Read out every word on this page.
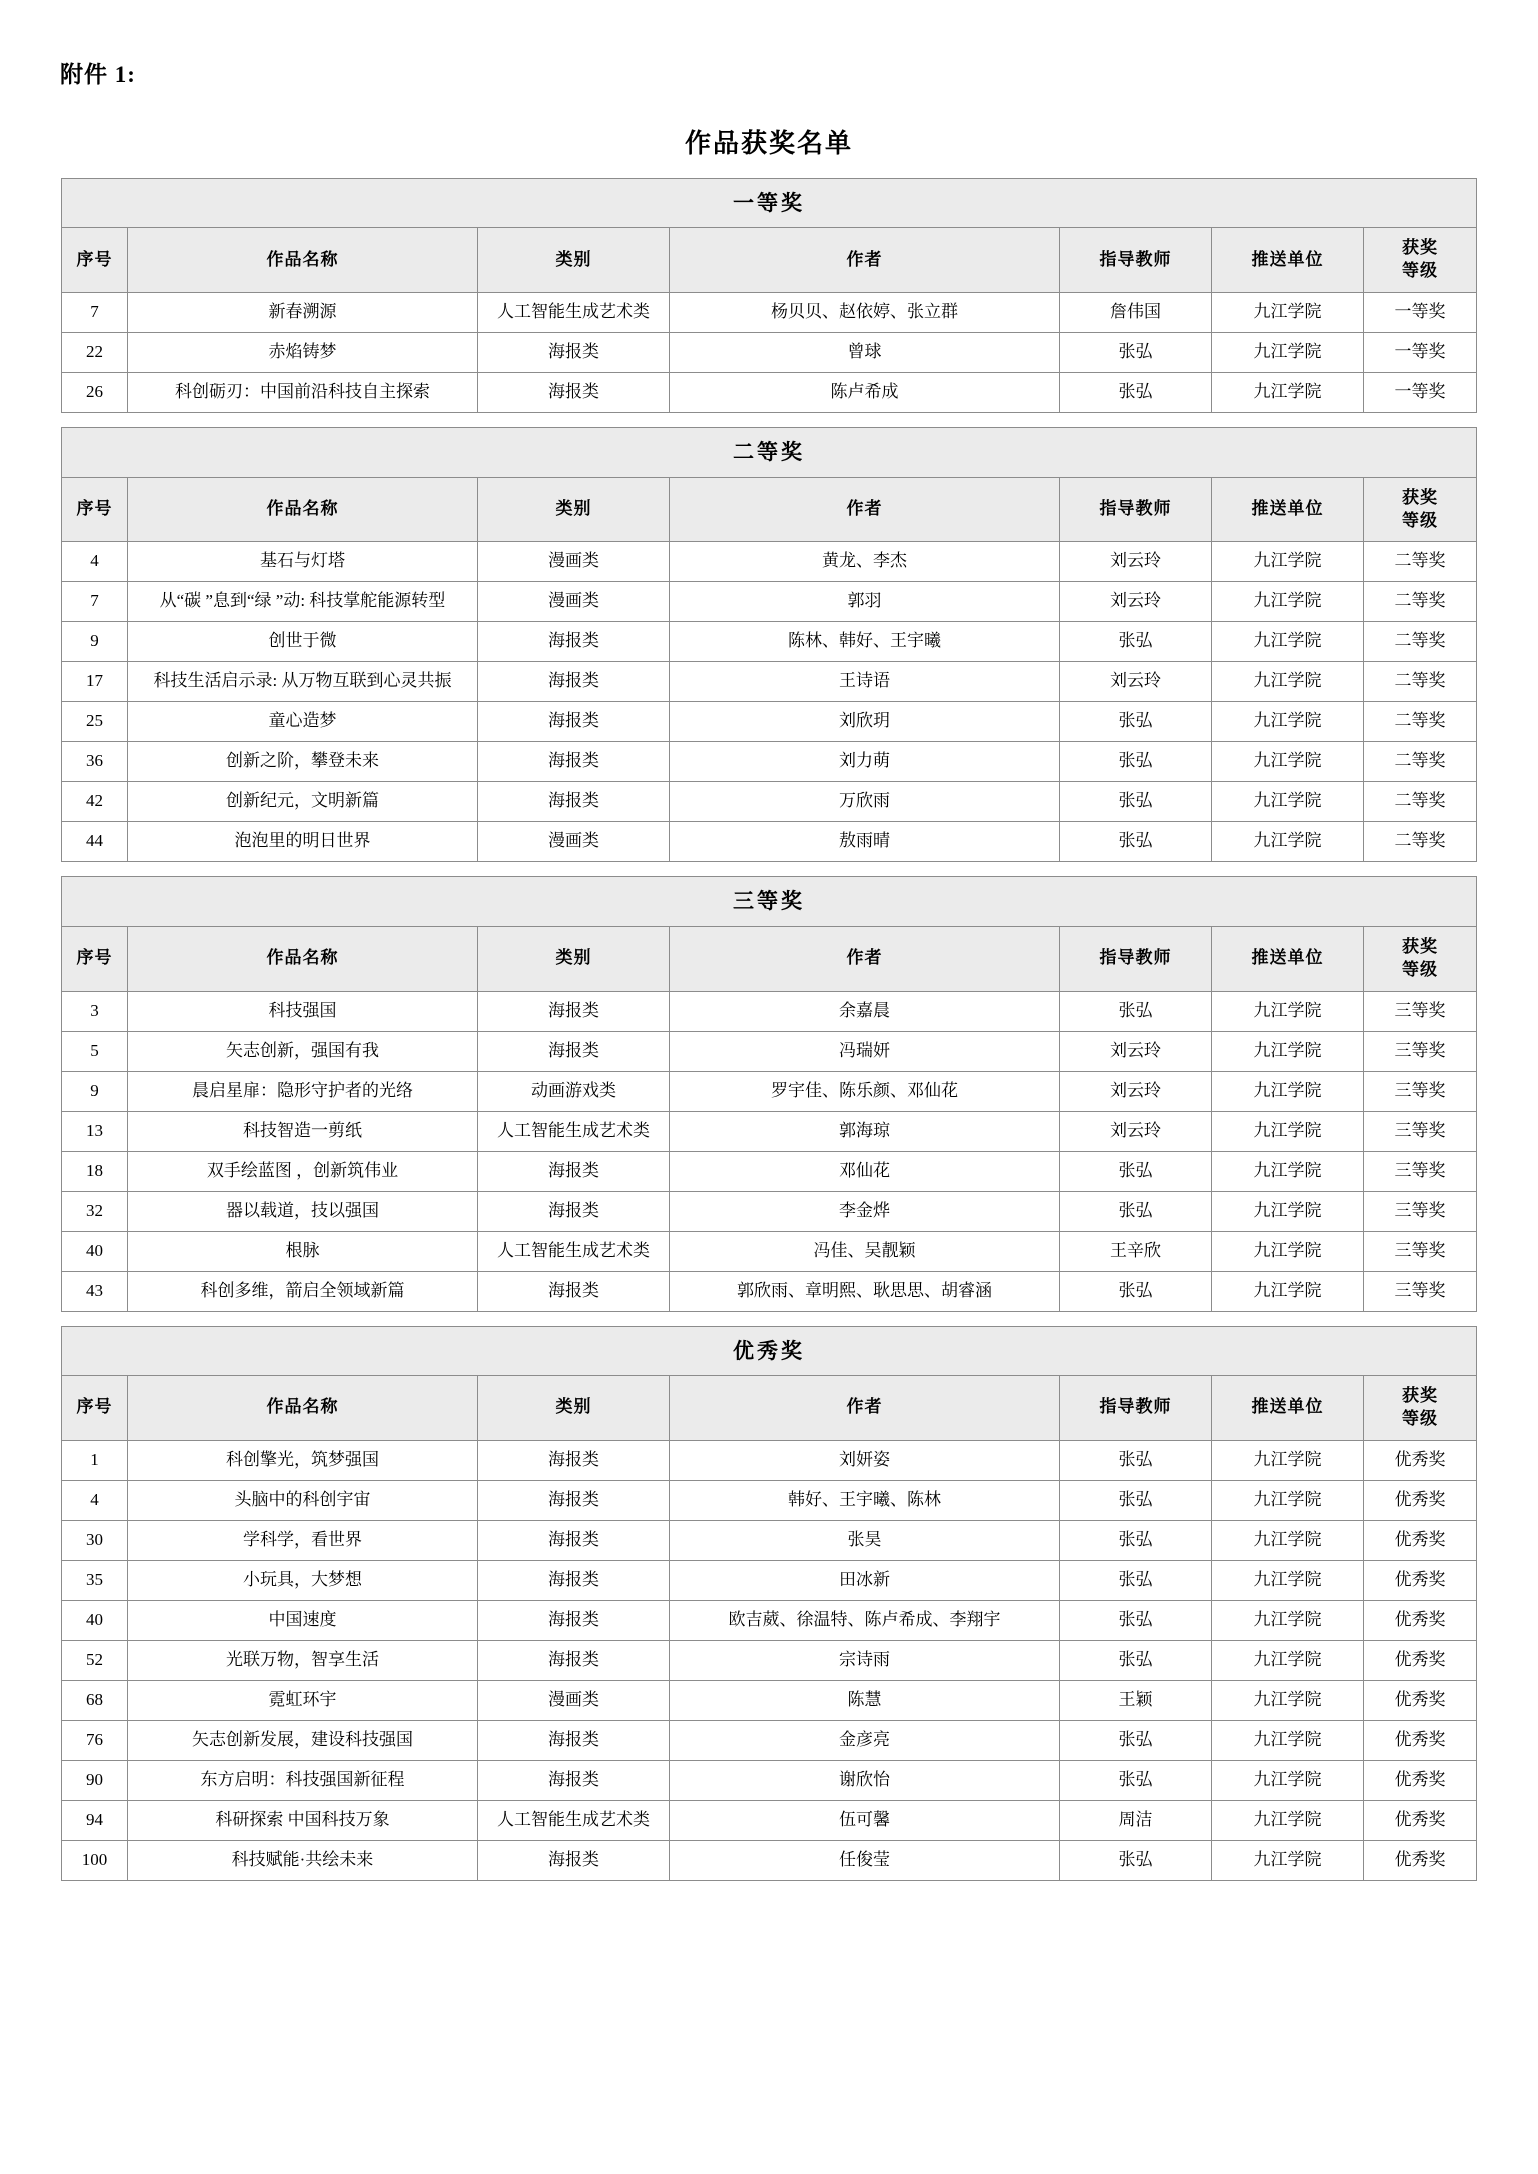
附件 1:
作品获奖名单
一等奖						
序号	作品名称	类别	作者	指导教师	推送单位	获奖
等级
7	新春溯源	人工智能生成艺术类	杨贝贝、赵依婷、张立群	詹伟国	九江学院	一等奖
22	赤焰铸梦	海报类	曾球	张弘	九江学院	一等奖
26	科创砺刃：中国前沿科技自主探索	海报类	陈卢希成	张弘	九江学院	一等奖

二等奖						
序号	作品名称	类别	作者	指导教师	推送单位	获奖
等级
4	基石与灯塔	漫画类	黄龙、李杰	刘云玲	九江学院	二等奖
7	从“碳 ”息到“绿 ”动: 科技掌舵能源转型	漫画类	郭羽	刘云玲	九江学院	二等奖
9	创世于微	海报类	陈林、韩好、王宇曦	张弘	九江学院	二等奖
17	科技生活启示录: 从万物互联到心灵共振	海报类	王诗语	刘云玲	九江学院	二等奖
25	童心造梦	海报类	刘欣玥	张弘	九江学院	二等奖
36	创新之阶，攀登未来	海报类	刘力萌	张弘	九江学院	二等奖
42	创新纪元，文明新篇	海报类	万欣雨	张弘	九江学院	二等奖
44	泡泡里的明日世界	漫画类	敖雨晴	张弘	九江学院	二等奖

三等奖						
序号	作品名称	类别	作者	指导教师	推送单位	获奖
等级
3	科技强国	海报类	余嘉晨	张弘	九江学院	三等奖
5	矢志创新，强国有我	海报类	冯瑞妍	刘云玲	九江学院	三等奖
9	晨启星扉：隐形守护者的光络	动画游戏类	罗宇佳、陈乐颜、邓仙花	刘云玲	九江学院	三等奖
13	科技智造一剪纸	人工智能生成艺术类	郭海琼	刘云玲	九江学院	三等奖
18	双手绘蓝图 ，创新筑伟业	海报类	邓仙花	张弘	九江学院	三等奖
32	器以载道，技以强国	海报类	李金烨	张弘	九江学院	三等奖
40	根脉	人工智能生成艺术类	冯佳、吴靓颖	王辛欣	九江学院	三等奖
43	科创多维，箭启全领域新篇	海报类	郭欣雨、章明熙、耿思思、胡睿涵	张弘	九江学院	三等奖

优秀奖						
序号	作品名称	类别	作者	指导教师	推送单位	获奖
等级
1	科创擎光，筑梦强国	海报类	刘妍姿	张弘	九江学院	优秀奖
4	头脑中的科创宇宙	海报类	韩好、王宇曦、陈林	张弘	九江学院	优秀奖
30	学科学，看世界	海报类	张昊	张弘	九江学院	优秀奖
35	小玩具，大梦想	海报类	田冰新	张弘	九江学院	优秀奖
40	中国速度	海报类	欧吉葳、徐温特、陈卢希成、李翔宇	张弘	九江学院	优秀奖
52	光联万物，智享生活	海报类	宗诗雨	张弘	九江学院	优秀奖
68	霓虹环宇	漫画类	陈慧	王颖	九江学院	优秀奖
76	矢志创新发展，建设科技强国	海报类	金彦亮	张弘	九江学院	优秀奖
90	东方启明：科技强国新征程	海报类	谢欣怡	张弘	九江学院	优秀奖
94	科研探索 中国科技万象	人工智能生成艺术类	伍可馨	周洁	九江学院	优秀奖
100	科技赋能·共绘未来	海报类	任俊莹	张弘	九江学院	优秀奖
